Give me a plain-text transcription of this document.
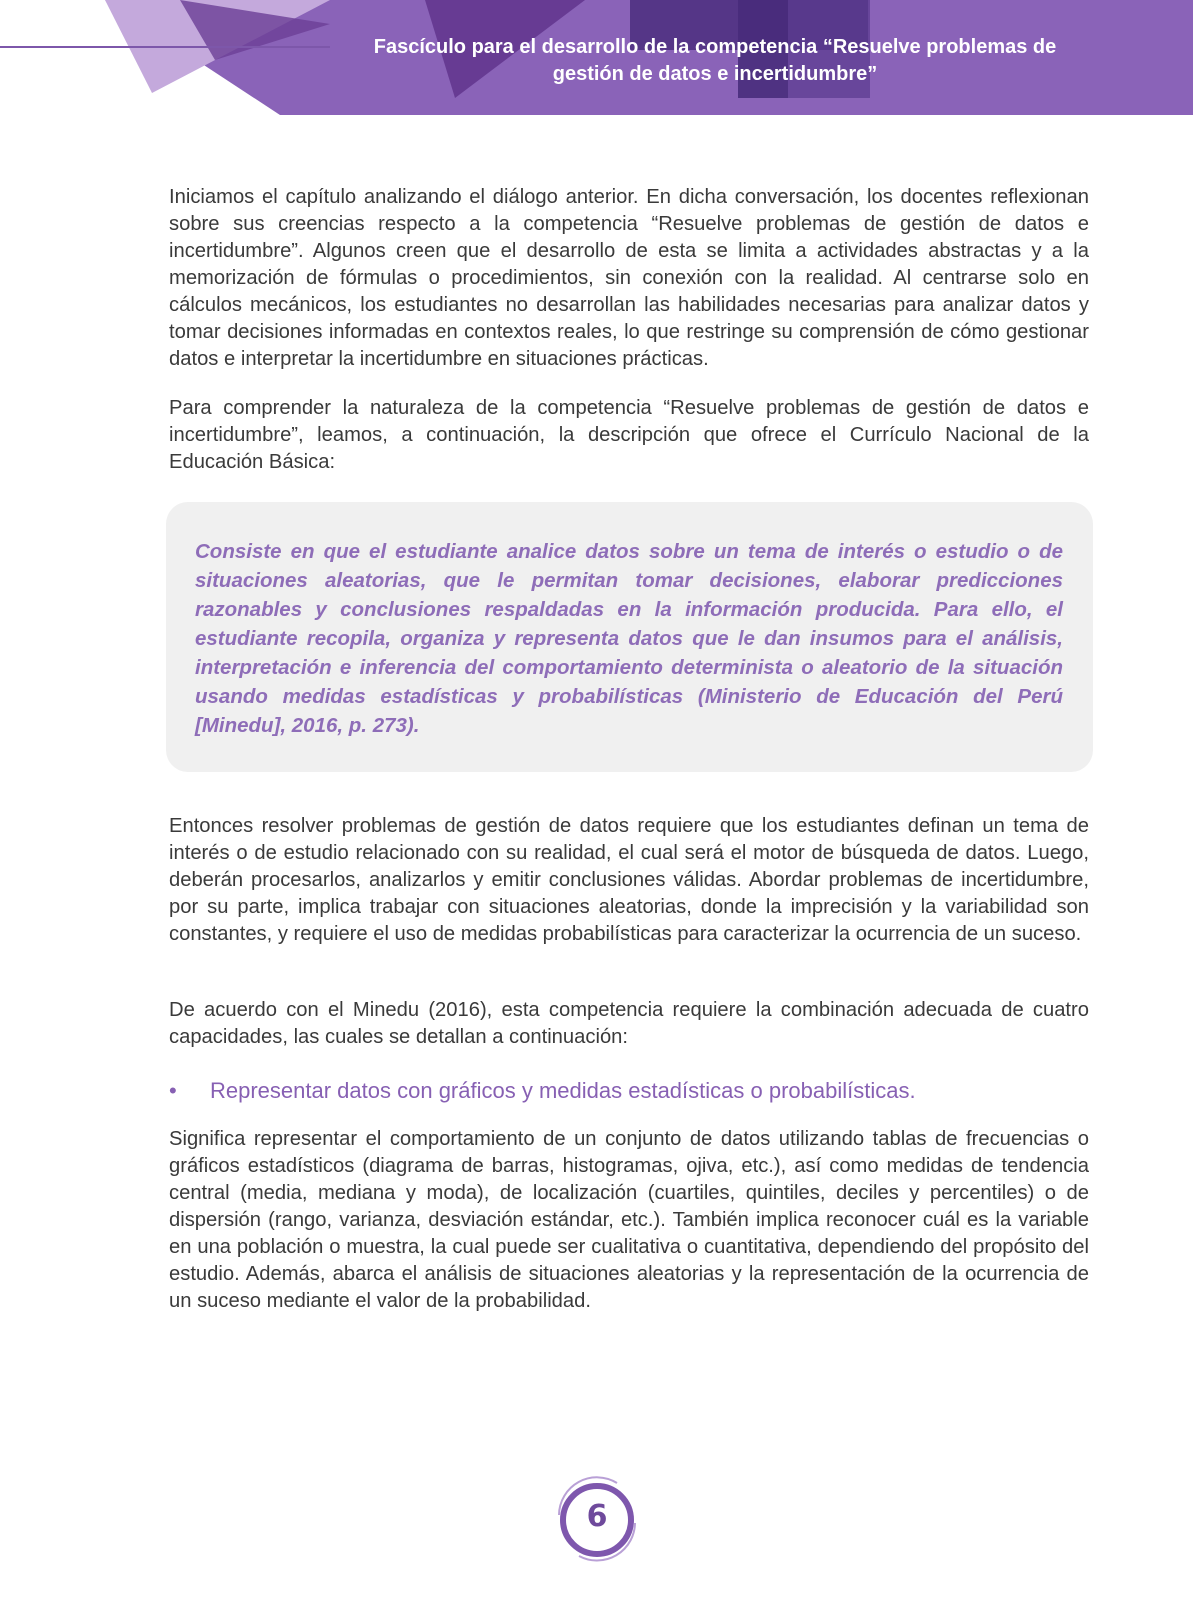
Fascículo para el desarrollo de la competencia “Resuelve problemas de
gestión de datos e incertidumbre”

Iniciamos el capítulo analizando el diálogo anterior. En dicha conversación, los docentes reflexionan sobre sus creencias respecto a la competencia “Resuelve problemas de gestión de datos e incertidumbre”. Algunos creen que el desarrollo de esta se limita a actividades abstractas y a la memorización de fórmulas o procedimientos, sin conexión con la realidad. Al centrarse solo en cálculos mecánicos, los estudiantes no desarrollan las habilidades necesarias para analizar datos y tomar decisiones informadas en contextos reales, lo que restringe su comprensión de cómo gestionar datos e interpretar la incertidumbre en situaciones prácticas.

Para comprender la naturaleza de la competencia “Resuelve problemas de gestión de datos e incertidumbre”, leamos, a continuación, la descripción que ofrece el Currículo Nacional de la Educación Básica:

Consiste en que el estudiante analice datos sobre un tema de interés o estudio o de situaciones aleatorias, que le permitan tomar decisiones, elaborar predicciones razonables y conclusiones respaldadas en la información producida. Para ello, el estudiante recopila, organiza y representa datos que le dan insumos para el análisis, interpretación e inferencia del comportamiento determinista o aleatorio de la situación usando medidas estadísticas y probabilísticas (Ministerio de Educación del Perú [Minedu], 2016, p. 273).

Entonces resolver problemas de gestión de datos requiere que los estudiantes definan un tema de interés o de estudio relacionado con su realidad, el cual será el motor de búsqueda de datos. Luego, deberán procesarlos, analizarlos y emitir conclusiones válidas. Abordar problemas de incertidumbre, por su parte, implica trabajar con situaciones aleatorias, donde la imprecisión y la variabilidad son constantes, y requiere el uso de medidas probabilísticas para caracterizar la ocurrencia de un suceso.

De acuerdo con el Minedu (2016), esta competencia requiere la combinación adecuada de cuatro capacidades, las cuales se detallan a continuación:

• Representar datos con gráficos y medidas estadísticas o probabilísticas.

Significa representar el comportamiento de un conjunto de datos utilizando tablas de frecuencias o gráficos estadísticos (diagrama de barras, histogramas, ojiva, etc.), así como medidas de tendencia central (media, mediana y moda), de localización (cuartiles, quintiles, deciles y percentiles) o de dispersión (rango, varianza, desviación estándar, etc.). También implica reconocer cuál es la variable en una población o muestra, la cual puede ser cualitativa o cuantitativa, dependiendo del propósito del estudio. Además, abarca el análisis de situaciones aleatorias y la representación de la ocurrencia de un suceso mediante el valor de la probabilidad.

6
